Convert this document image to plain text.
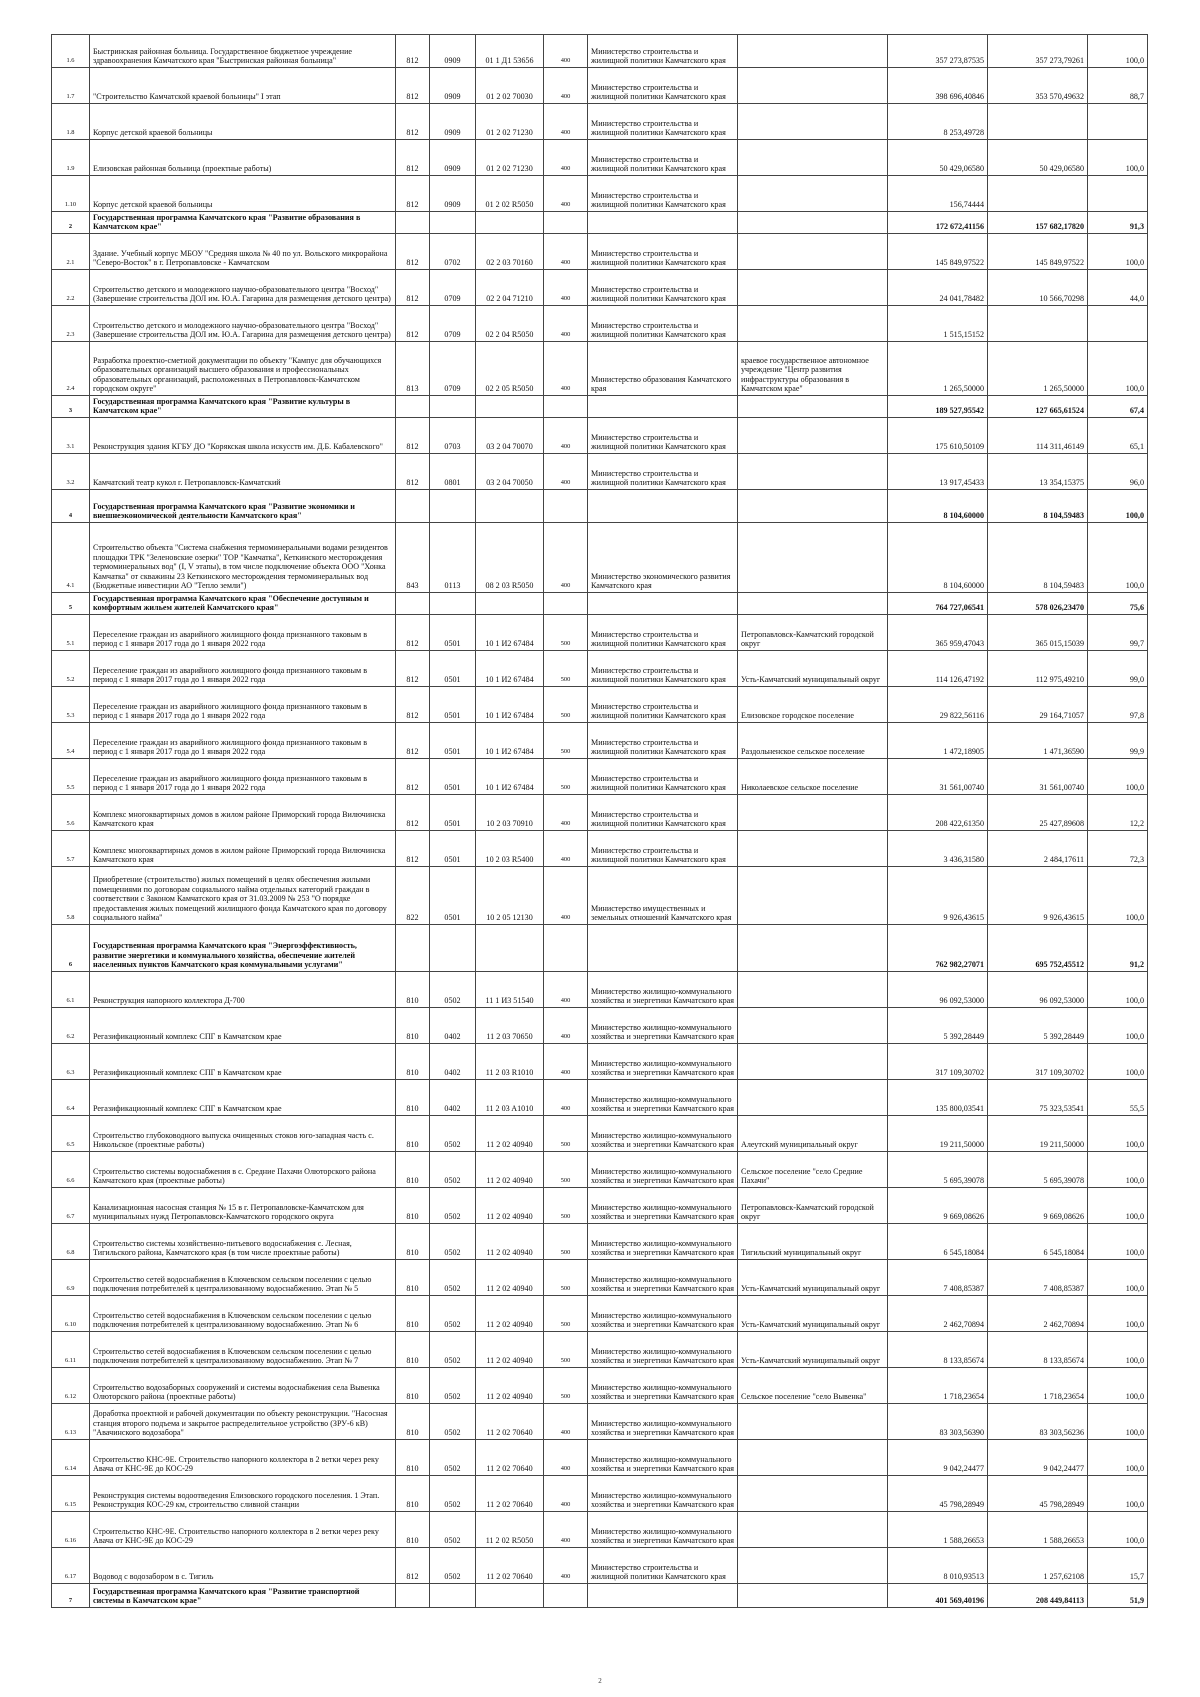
1.6	Быстринская районная больница. Государственное бюджетное учреждение здравоохранения Камчатского края "Быстринская районная больница"	812	0909	01 1 Д1 53656	400	Министерство строительства и жилищной политики Камчатского края		357 273,87535	357 273,79261	100,0
1.7	"Строительство Камчатской краевой больницы" I этап	812	0909	01 2 02 70030	400	Министерство строительства и жилищной политики Камчатского края		398 696,40846	353 570,49632	88,7
1.8	Корпус детской краевой больницы	812	0909	01 2 02 71230	400	Министерство строительства и жилищной политики Камчатского края		8 253,49728		
1.9	Елизовская районная больница (проектные работы)	812	0909	01 2 02 71230	400	Министерство строительства и жилищной политики Камчатского края		50 429,06580	50 429,06580	100,0
1.10	Корпус детской краевой больницы	812	0909	01 2 02 R5050	400	Министерство строительства и жилищной политики Камчатского края		156,74444		
2	Государственная программа Камчатского края "Развитие образования в Камчатском крае"							172 672,41156	157 682,17820	91,3
2.1	Здание. Учебный корпус МБОУ "Средняя школа № 40 по ул. Вольского микрорайона "Северо-Восток" в г. Петропавловске - Камчатском	812	0702	02 2 03 70160	400	Министерство строительства и жилищной политики Камчатского края		145 849,97522	145 849,97522	100,0
2.2	Строительство детского и молодежного научно-образовательного центра "Восход" (Завершение строительства ДОЛ им. Ю.А. Гагарина для размещения детского центра)	812	0709	02 2 04 71210	400	Министерство строительства и жилищной политики Камчатского края		24 041,78482	10 566,70298	44,0
2.3	Строительство детского и молодежного научно-образовательного центра "Восход" (Завершение строительства ДОЛ им. Ю.А. Гагарина для размещения детского центра)	812	0709	02 2 04 R5050	400	Министерство строительства и жилищной политики Камчатского края		1 515,15152		
2.4	Разработка проектно-сметной документации по объекту "Кампус для обучающихся образовательных организаций высшего образования и профессиональных образовательных организаций, расположенных в Петропавловск-Камчатском городском округе"	813	0709	02 2 05 R5050	400	Министерство образования Камчатского края	краевое государственное автономное учреждение "Центр развития инфраструктуры образования в Камчатском крае"	1 265,50000	1 265,50000	100,0
3	Государственная программа Камчатского края "Развитие культуры в Камчатском крае"							189 527,95542	127 665,61524	67,4
3.1	Реконструкция здания КГБУ ДО "Корякская школа искусств им. Д.Б. Кабалевского"	812	0703	03 2 04 70070	400	Министерство строительства и жилищной политики Камчатского края		175 610,50109	114 311,46149	65,1
3.2	Камчатский театр кукол г. Петропавловск-Камчатский	812	0801	03 2 04 70050	400	Министерство строительства и жилищной политики Камчатского края		13 917,45433	13 354,15375	96,0
4	Государственная программа Камчатского края "Развитие экономики и внешнеэкономической деятельности Камчатского края"							8 104,60000	8 104,59483	100,0
4.1	Строительство объекта "Система снабжения термоминеральными водами резидентов площадки ТРК "Зеленовские озерки" ТОР "Камчатка", Кеткинского месторождения термоминеральных вод" (I, V этапы), в том числе подключение объекта ООО "Хонка Камчатка" от скважины 23 Кеткинского месторождения термоминеральных вод (Бюджетные инвестиции АО "Тепло земли")	843	0113	08 2 03 R5050	400	Министерство экономического развития Камчатского края		8 104,60000	8 104,59483	100,0
5	Государственная программа Камчатского края "Обеспечение доступным и комфортным жильем жителей Камчатского края"							764 727,06541	578 026,23470	75,6
5.1	Переселение граждан из аварийного жилищного фонда признанного таковым в период с 1 января 2017 года до 1 января 2022 года	812	0501	10 1 И2 67484	500	Министерство строительства и жилищной политики Камчатского края	Петропавловск-Камчатский городской округ	365 959,47043	365 015,15039	99,7
5.2	Переселение граждан из аварийного жилищного фонда признанного таковым в период с 1 января 2017 года до 1 января 2022 года	812	0501	10 1 И2 67484	500	Министерство строительства и жилищной политики Камчатского края	Усть-Камчатский муниципальный округ	114 126,47192	112 975,49210	99,0
5.3	Переселение граждан из аварийного жилищного фонда признанного таковым в период с 1 января 2017 года до 1 января 2022 года	812	0501	10 1 И2 67484	500	Министерство строительства и жилищной политики Камчатского края	Елизовское городское поселение	29 822,56116	29 164,71057	97,8
5.4	Переселение граждан из аварийного жилищного фонда признанного таковым в период с 1 января 2017 года до 1 января 2022 года	812	0501	10 1 И2 67484	500	Министерство строительства и жилищной политики Камчатского края	Раздольненское сельское поселение	1 472,18905	1 471,36590	99,9
5.5	Переселение граждан из аварийного жилищного фонда признанного таковым в период с 1 января 2017 года до 1 января 2022 года	812	0501	10 1 И2 67484	500	Министерство строительства и жилищной политики Камчатского края	Николаевское сельское поселение	31 561,00740	31 561,00740	100,0
5.6	Комплекс многоквартирных домов в жилом районе Приморский города Вилючинска Камчатского края	812	0501	10 2 03 70910	400	Министерство строительства и жилищной политики Камчатского края		208 422,61350	25 427,89608	12,2
5.7	Комплекс многоквартирных домов в жилом районе Приморский города Вилючинска Камчатского края	812	0501	10 2 03 R5400	400	Министерство строительства и жилищной политики Камчатского края		3 436,31580	2 484,17611	72,3
5.8	Приобретение (строительство) жилых помещений в целях обеспечения жилыми помещениями по договорам социального найма отдельных категорий граждан в соответствии с Законом Камчатского края от 31.03.2009 № 253 "О порядке предоставления жилых помещений жилищного фонда Камчатского края по договору социального найма"	822	0501	10 2 05 12130	400	Министерство имущественных и земельных отношений Камчатского края		9 926,43615	9 926,43615	100,0
6	Государственная программа Камчатского края "Энергоэффективность, развитие энергетики и коммунального хозяйства, обеспечение жителей населенных пунктов Камчатского края коммунальными услугами"							762 982,27071	695 752,45512	91,2
6.1	Реконструкция напорного коллектора Д-700	810	0502	11 1 И3 51540	400	Министерство жилищно-коммунального хозяйства и энергетики Камчатского края		96 092,53000	96 092,53000	100,0
6.2	Регазификационный комплекс СПГ в Камчатском крае	810	0402	11 2 03 70650	400	Министерство жилищно-коммунального хозяйства и энергетики Камчатского края		5 392,28449	5 392,28449	100,0
6.3	Регазификационный комплекс СПГ в Камчатском крае	810	0402	11 2 03 R1010	400	Министерство жилищно-коммунального хозяйства и энергетики Камчатского края		317 109,30702	317 109,30702	100,0
6.4	Регазификационный комплекс СПГ в Камчатском крае	810	0402	11 2 03 A1010	400	Министерство жилищно-коммунального хозяйства и энергетики Камчатского края		135 800,03541	75 323,53541	55,5
6.5	Строительство глубоководного выпуска очищенных стоков юго-западная часть с. Никольское (проектные работы)	810	0502	11 2 02 40940	500	Министерство жилищно-коммунального хозяйства и энергетики Камчатского края	Алеутский муниципальный округ	19 211,50000	19 211,50000	100,0
6.6	Строительство системы водоснабжения в с. Средние Пахачи Олюторского района Камчатского края (проектные работы)	810	0502	11 2 02 40940	500	Министерство жилищно-коммунального хозяйства и энергетики Камчатского края	Сельское поселение "село Средние Пахачи"	5 695,39078	5 695,39078	100,0
6.7	Канализационная насосная станция № 15 в г. Петропавловске-Камчатском для муниципальных нужд Петропавловск-Камчатского городского округа	810	0502	11 2 02 40940	500	Министерство жилищно-коммунального хозяйства и энергетики Камчатского края	Петропавловск-Камчатский городской округ	9 669,08626	9 669,08626	100,0
6.8	Строительство системы хозяйственно-питьевого водоснабжения с. Лесная, Тигильского района, Камчатского края (в том числе проектные работы)	810	0502	11 2 02 40940	500	Министерство жилищно-коммунального хозяйства и энергетики Камчатского края	Тигильский муниципальный округ	6 545,18084	6 545,18084	100,0
6.9	Строительство сетей водоснабжения в Ключевском сельском поселении с целью подключения потребителей к централизованному водоснабжению. Этап № 5	810	0502	11 2 02 40940	500	Министерство жилищно-коммунального хозяйства и энергетики Камчатского края	Усть-Камчатский муниципальный округ	7 408,85387	7 408,85387	100,0
6.10	Строительство сетей водоснабжения в Ключевском сельском поселении с целью подключения потребителей к централизованному водоснабжению. Этап № 6	810	0502	11 2 02 40940	500	Министерство жилищно-коммунального хозяйства и энергетики Камчатского края	Усть-Камчатский муниципальный округ	2 462,70894	2 462,70894	100,0
6.11	Строительство сетей водоснабжения в Ключевском сельском поселении с целью подключения потребителей к централизованному водоснабжению. Этап № 7	810	0502	11 2 02 40940	500	Министерство жилищно-коммунального хозяйства и энергетики Камчатского края	Усть-Камчатский муниципальный округ	8 133,85674	8 133,85674	100,0
6.12	Строительство водозаборных сооружений и системы водоснабжения села Вывенка Олюторского района (проектные работы)	810	0502	11 2 02 40940	500	Министерство жилищно-коммунального хозяйства и энергетики Камчатского края	Сельское поселение "село Вывенка"	1 718,23654	1 718,23654	100,0
6.13	Доработка проектной и рабочей документации по объекту реконструкции. "Насосная станция второго подъема и закрытое распределительное устройство (ЗРУ-6 кВ) "Авачинского водозабора"	810	0502	11 2 02 70640	400	Министерство жилищно-коммунального хозяйства и энергетики Камчатского края		83 303,56390	83 303,56236	100,0
6.14	Строительство КНС-9Е. Строительство напорного коллектора в 2 ветки через реку Авача от КНС-9Е до КОС-29	810	0502	11 2 02 70640	400	Министерство жилищно-коммунального хозяйства и энергетики Камчатского края		9 042,24477	9 042,24477	100,0
6.15	Реконструкция системы водоотведения Елизовского городского поселения. 1 Этап. Реконструкция КОС-29 км, строительство сливной станции	810	0502	11 2 02 70640	400	Министерство жилищно-коммунального хозяйства и энергетики Камчатского края		45 798,28949	45 798,28949	100,0
6.16	Строительство КНС-9Е. Строительство напорного коллектора в 2 ветки через реку Авача от КНС-9Е до КОС-29	810	0502	11 2 02 R5050	400	Министерство жилищно-коммунального хозяйства и энергетики Камчатского края		1 588,26653	1 588,26653	100,0
6.17	Водовод с водозабором в с. Тигиль	812	0502	11 2 02 70640	400	Министерство строительства и жилищной политики Камчатского края		8 010,93513	1 257,62108	15,7
7	Государственная программа Камчатского края "Развитие транспортной системы в Камчатском крае"							401 569,40196	208 449,84113	51,9
2
